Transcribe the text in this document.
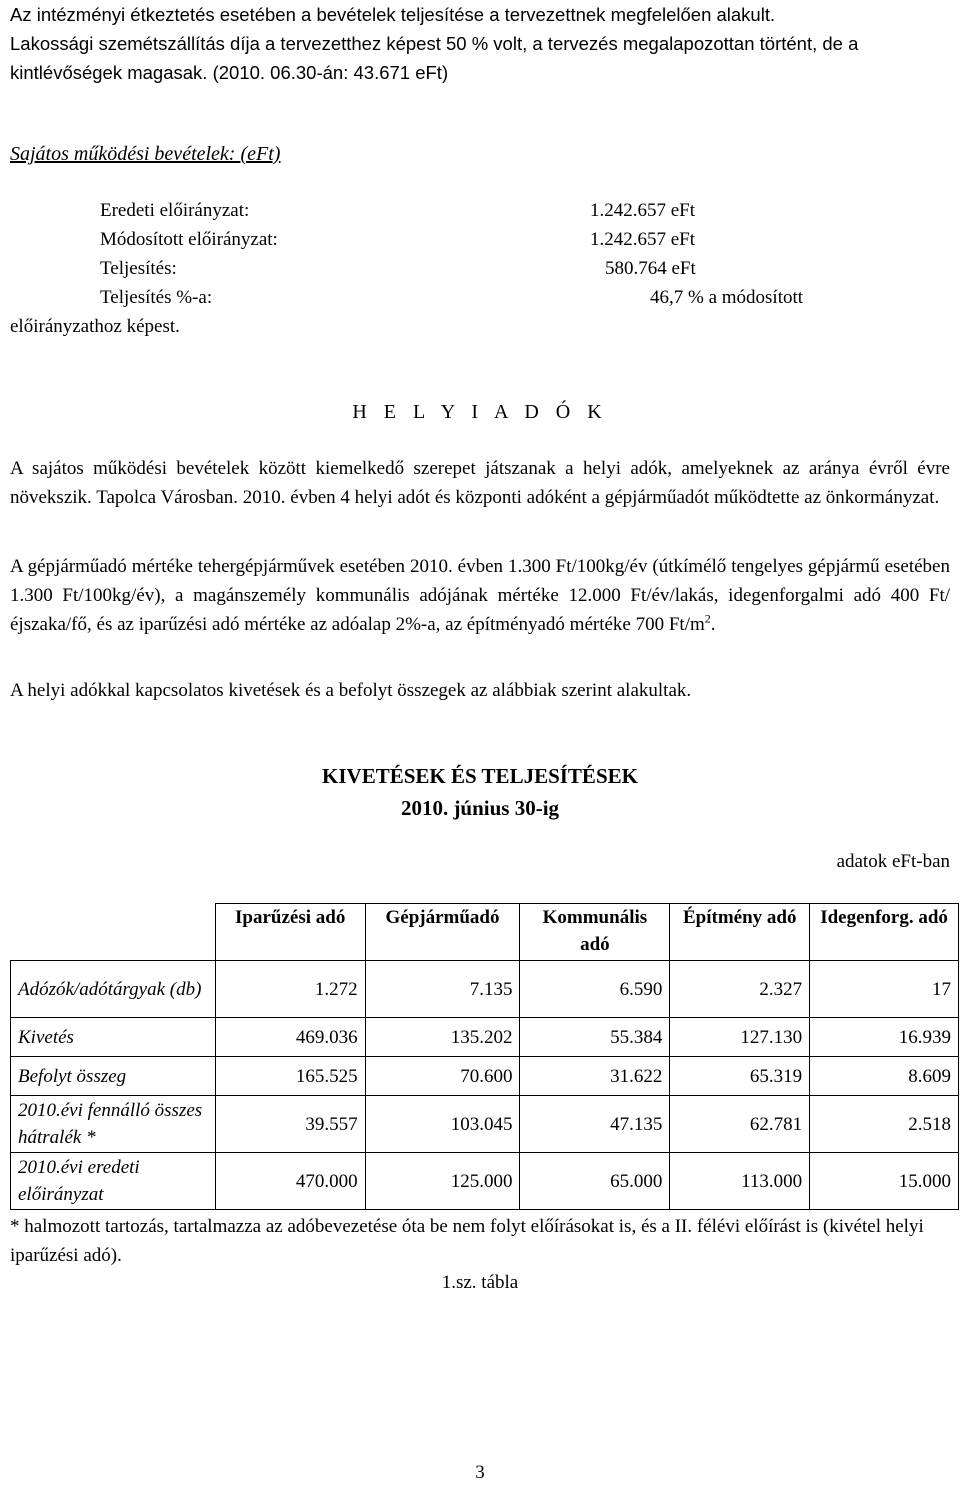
Az intézményi étkeztetés esetében a bevételek teljesítése a tervezettnek megfelelően alakult.

Lakossági szemétszállítás díja a tervezetthez képest 50 % volt, a tervezés megalapozottan történt, de a kintlévőségek magasak. (2010. 06.30-án: 43.671 eFt)

Sajátos működési bevételek: (eFt)
Eredeti előirányzat:	1.242.657 eFt
Módosított előirányzat:	1.242.657 eFt
Teljesítés:	580.764 eFt
Teljesítés %-a:	46,7 % a módosított
előirányzathoz képest.
H E L Y I A D Ó K

A sajátos működési bevételek között kiemelkedő szerepet játszanak a helyi adók, amelyeknek az aránya évről évre növekszik. Tapolca Városban. 2010. évben 4 helyi adót és központi adóként a gépjárműadót működtette az önkormányzat.

A gépjárműadó mértéke tehergépjárművek esetében 2010. évben 1.300 Ft/100kg/év (útkímélő tengelyes gépjármű esetében 1.300 Ft/100kg/év), a magánszemély kommunális adójának mértéke 12.000 Ft/év/lakás, idegenforgalmi adó 400 Ft/éjszaka/fő, és az iparűzési adó mértéke az adóalap 2%-a, az építményadó mértéke 700 $Ft/m^2$.

A helyi adókkal kapcsolatos kivetések és a befolyt összegek az alábbiak szerint alakultak.

KIVETÉSEK ÉS TELJESÍTÉSEK
2010. június 30-ig
adatok eFt-ban
	Iparűzési adó	Gépjárműadó	Kommunális adó	Építmény adó	Idegenforg. adó
Adózók/adótárgyak (db)	1.272	7.135	6.590	2.327	17
Kivetés	469.036	135.202	55.384	127.130	16.939
Befolyt összeg	165.525	70.600	31.622	65.319	8.609
2010.évi fennálló összes hátralék *	39.557	103.045	47.135	62.781	2.518
2010.évi eredeti előirányzat	470.000	125.000	65.000	113.000	15.000

* halmozott tartozás, tartalmazza az adóbevezetése óta be nem folyt előírásokat is, és a II. félévi előírást is (kivétel helyi iparűzési adó).

1.sz. tábla
3
